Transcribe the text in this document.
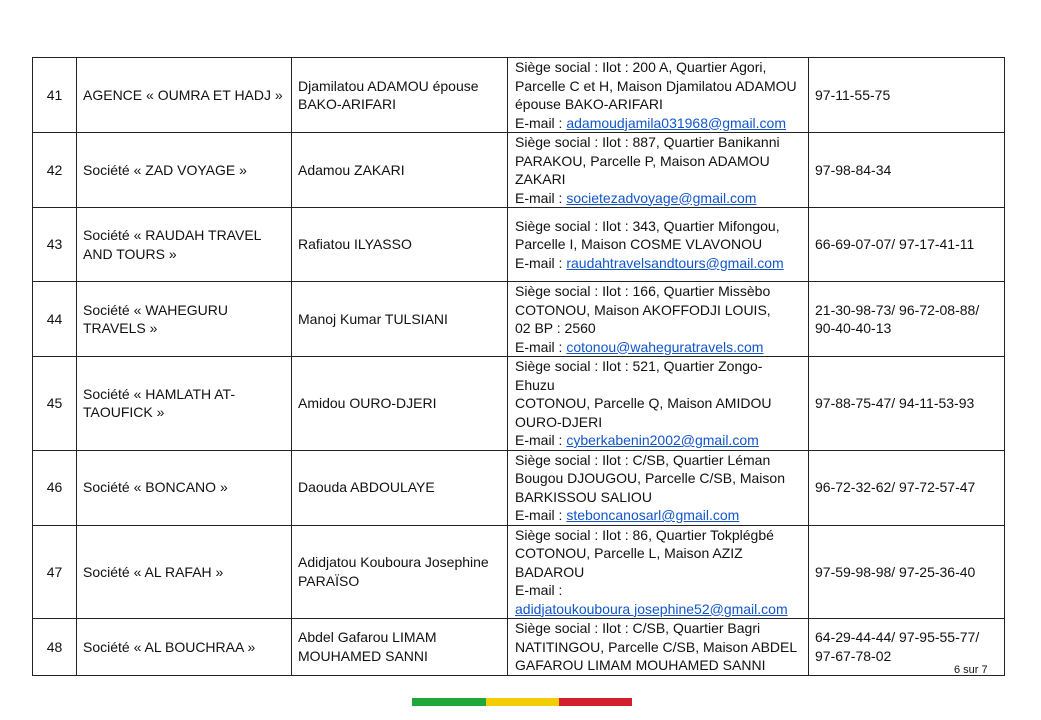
41	AGENCE « OUMRA ET HADJ »	Djamilatou ADAMOU épouse BAKO-ARIFARI	Siège social : Ilot : 200 A, Quartier Agori,
Parcelle C et H, Maison Djamilatou ADAMOU
épouse BAKO-ARIFARI
E-mail : adamoudjamila031968@gmail.com	97-11-55-75
42	Société « ZAD VOYAGE »	Adamou ZAKARI	Siège social : Ilot : 887, Quartier Banikanni
PARAKOU, Parcelle P, Maison ADAMOU
ZAKARI
E-mail : societezadvoyage@gmail.com	97-98-84-34
43	Société « RAUDAH TRAVEL AND TOURS »	Rafiatou ILYASSO	Siège social : Ilot : 343, Quartier Mifongou,
Parcelle I, Maison COSME VLAVONOU
E-mail : raudahtravelsandtours@gmail.com	66-69-07-07/ 97-17-41-11
44	Société « WAHEGURU TRAVELS »	Manoj Kumar TULSIANI	Siège social : Ilot : 166, Quartier Missèbo
COTONOU, Maison AKOFFODJI LOUIS,
02 BP : 2560
E-mail : cotonou@waheguratravels.com	21-30-98-73/ 96-72-08-88/ 90-40-40-13
45	Société « HAMLATH AT-TAOUFICK »	Amidou OURO-DJERI	Siège social : Ilot : 521, Quartier Zongo-Ehuzu
COTONOU, Parcelle Q, Maison AMIDOU
OURO-DJERI
E-mail : cyberkabenin2002@gmail.com	97-88-75-47/ 94-11-53-93
46	Société « BONCANO »	Daouda ABDOULAYE	Siège social : Ilot : C/SB, Quartier Léman
Bougou DJOUGOU, Parcelle C/SB, Maison
BARKISSOU SALIOU
E-mail : steboncanosarl@gmail.com	96-72-32-62/ 97-72-57-47
47	Société « AL RAFAH »	Adidjatou Kouboura Josephine PARAÏSO	Siège social : Ilot : 86, Quartier Tokplégbé
COTONOU, Parcelle L, Maison AZIZ
BADAROU
E-mail :
adidjatoukouboura josephine52@gmail.com	97-59-98-98/ 97-25-36-40
48	Société « AL BOUCHRAA »	Abdel Gafarou LIMAM MOUHAMED SANNI	Siège social : Ilot : C/SB, Quartier Bagri
NATITINGOU, Parcelle C/SB, Maison ABDEL
GAFAROU LIMAM MOUHAMED SANNI	64-29-44-44/ 97-95-55-77/ 97-67-78-02
6 sur 7
